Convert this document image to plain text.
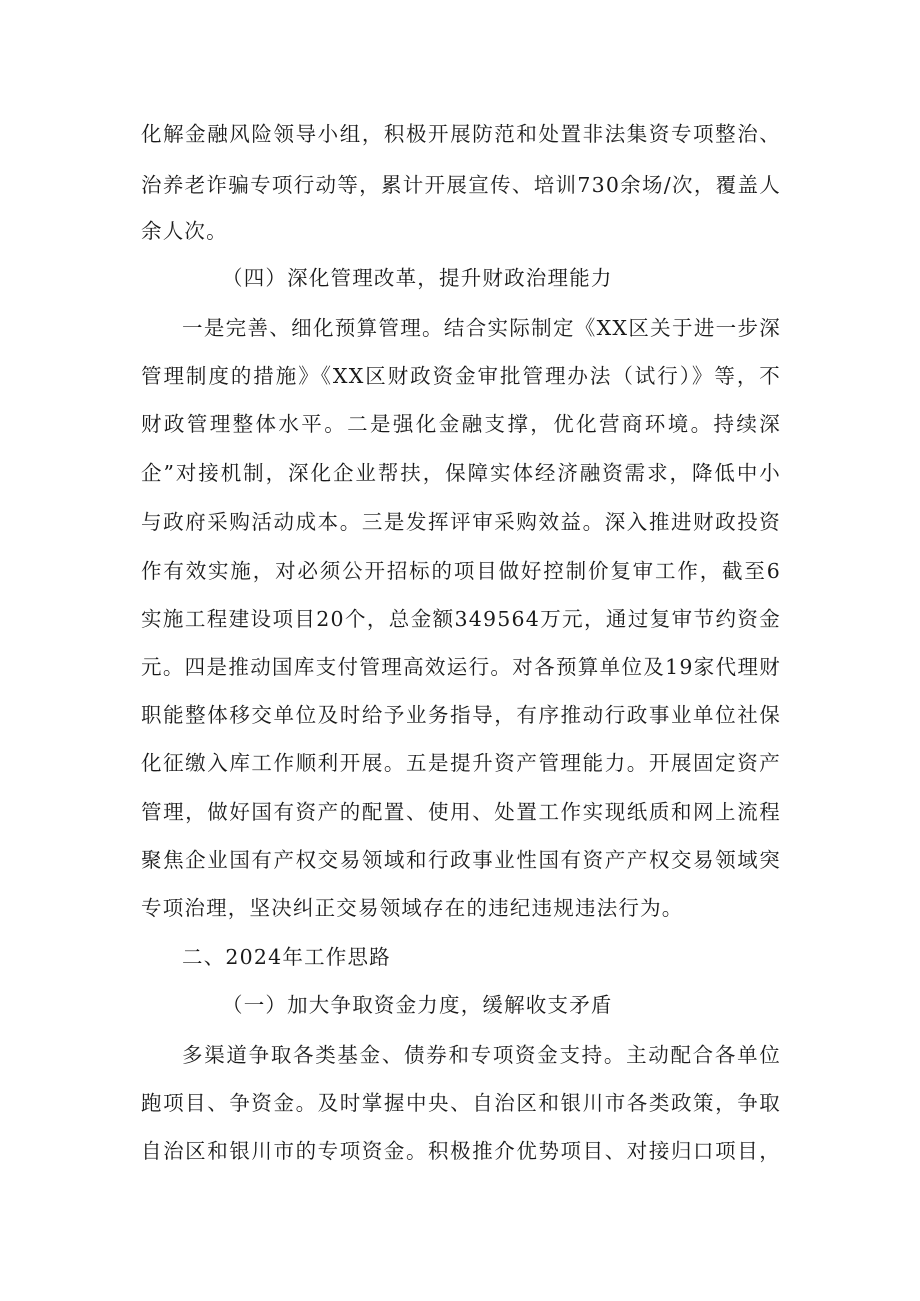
化解金融风险领导小组，积极开展防范和处置非法集资专项整治、
治养老诈骗专项行动等，累计开展宣传、培训730余场/次，覆盖人
余人次。
（四）深化管理改革，提升财政治理能力
一是完善、细化预算管理。结合实际制定《XX区关于进一步深
管理制度的措施》《XX区财政资金审批管理办法（试行）》等，不
财政管理整体水平。二是强化金融支撑，优化营商环境。持续深
企”对接机制，深化企业帮扶，保障实体经济融资需求，降低中小
与政府采购活动成本。三是发挥评审采购效益。深入推进财政投资
作有效实施，对必须公开招标的项目做好控制价复审工作，截至6
实施工程建设项目20个，总金额349564万元，通过复审节约资金
元。四是推动国库支付管理高效运行。对各预算单位及19家代理财
职能整体移交单位及时给予业务指导，有序推动行政事业单位社保
化征缴入库工作顺利开展。五是提升资产管理能力。开展固定资产
管理，做好国有资产的配置、使用、处置工作实现纸质和网上流程
聚焦企业国有产权交易领域和行政事业性国有资产产权交易领域突
专项治理，坚决纠正交易领域存在的违纪违规违法行为。
二、2024年工作思路
（一）加大争取资金力度，缓解收支矛盾
多渠道争取各类基金、债券和专项资金支持。主动配合各单位
跑项目、争资金。及时掌握中央、自治区和银川市各类政策，争取
自治区和银川市的专项资金。积极推介优势项目、对接归口项目，
